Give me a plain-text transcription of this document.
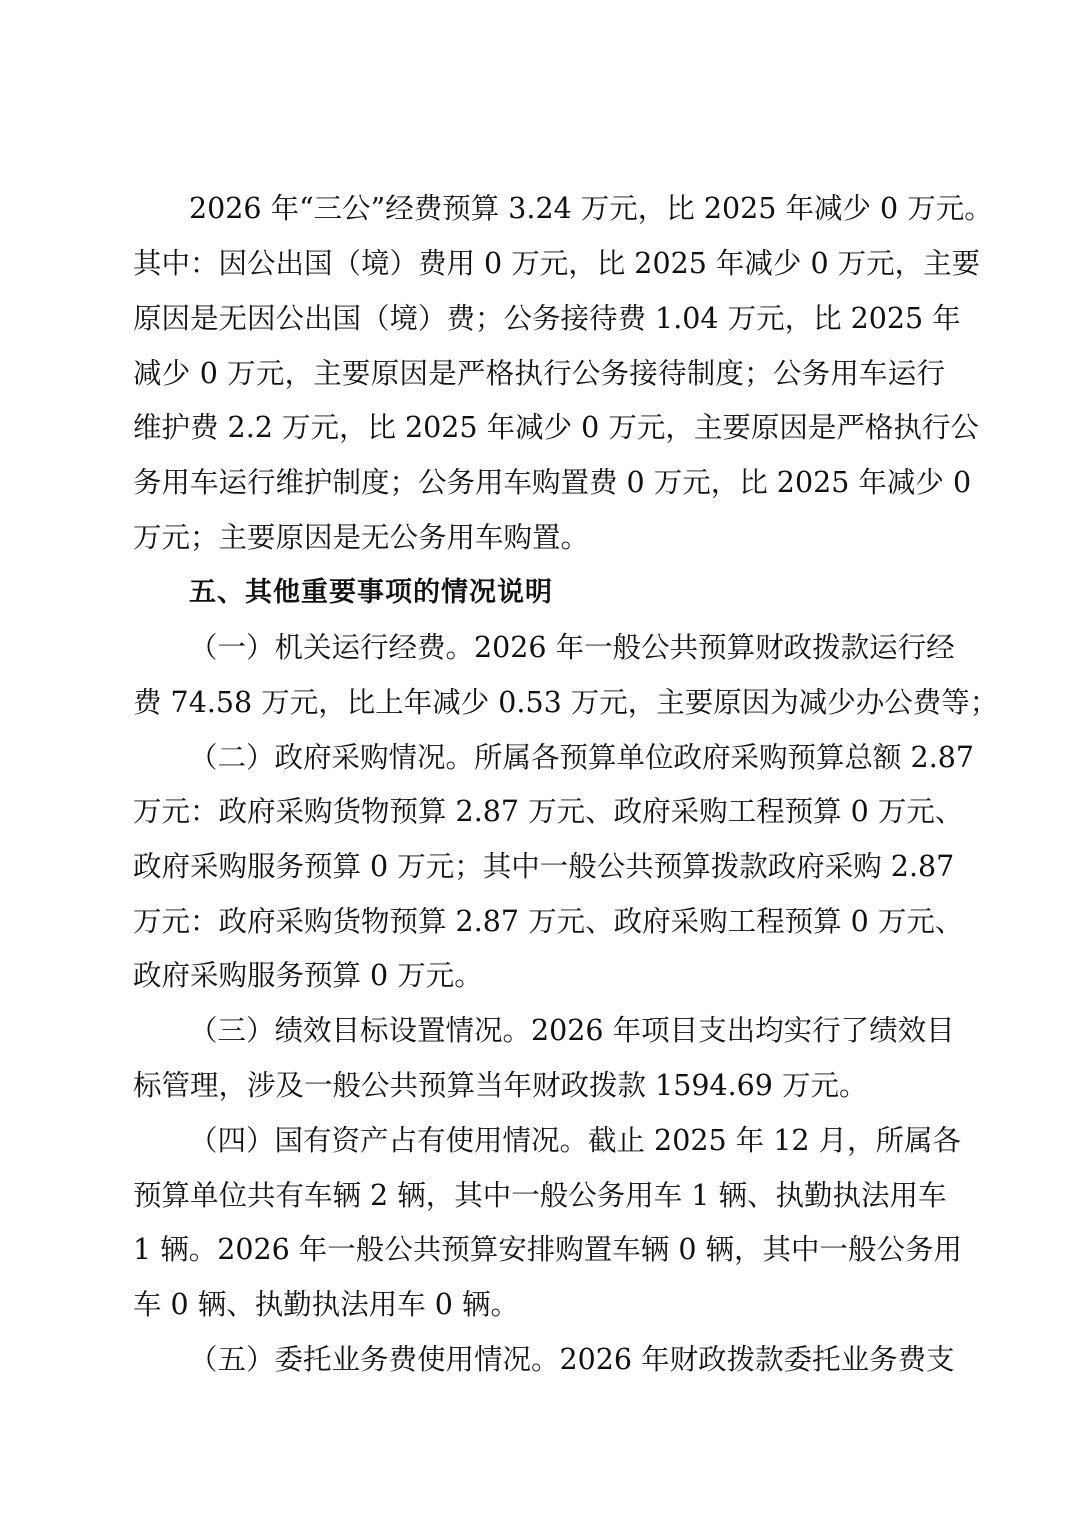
2026 年“三公”经费预算 3.24 万元，比 2025 年减少 0 万元。
其中：因公出国（境）费用 0 万元，比 2025 年减少 0 万元，主要
原因是无因公出国（境）费；公务接待费 1.04 万元，比 2025 年
减少 0 万元，主要原因是严格执行公务接待制度；公务用车运行
维护费 2.2 万元，比 2025 年减少 0 万元，主要原因是严格执行公
务用车运行维护制度；公务用车购置费 0 万元，比 2025 年减少 0
万元；主要原因是无公务用车购置。
五、其他重要事项的情况说明
（一）机关运行经费。2026 年一般公共预算财政拨款运行经
费 74.58 万元，比上年减少 0.53 万元，主要原因为减少办公费等；
（二）政府采购情况。所属各预算单位政府采购预算总额 2.87
万元：政府采购货物预算 2.87 万元、政府采购工程预算 0 万元、
政府采购服务预算 0 万元；其中一般公共预算拨款政府采购 2.87
万元：政府采购货物预算 2.87 万元、政府采购工程预算 0 万元、
政府采购服务预算 0 万元。
（三）绩效目标设置情况。2026 年项目支出均实行了绩效目
标管理，涉及一般公共预算当年财政拨款 1594.69 万元。
（四）国有资产占有使用情况。截止 2025 年 12 月，所属各
预算单位共有车辆 2 辆，其中一般公务用车 1 辆、执勤执法用车
1 辆。2026 年一般公共预算安排购置车辆 0 辆，其中一般公务用
车 0 辆、执勤执法用车 0 辆。
（五）委托业务费使用情况。2026 年财政拨款委托业务费支
